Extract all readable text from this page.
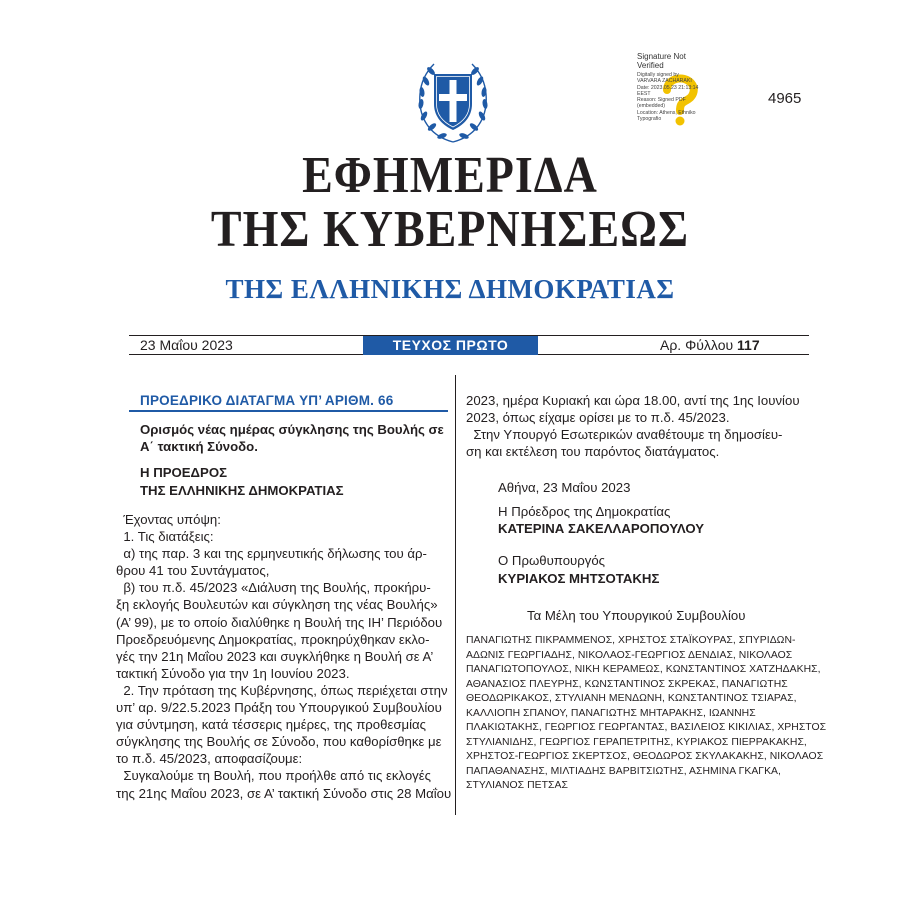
Signature Not Verified
Digitally signed by
VARVARA ZACHARAKI
Date: 2023.05.23 21:13:14
EEST
Reason: Signed PDF
(embedded)
Location: Athens, Ethniko
Typografio
4965
ΕΦΗΜΕΡΙΔΑ
ΤΗΣ ΚΥΒΕΡΝΗΣΕΩΣ
ΤΗΣ ΕΛΛΗΝΙΚΗΣ ΔΗΜΟΚΡΑΤΙΑΣ
23 Μαΐου 2023	ΤΕΥΧΟΣ ΠΡΩΤΟ	Αρ. Φύλλου 117
ΠΡΟΕΔΡΙΚΟ ΔΙΑΤΑΓΜΑ ΥΠ’ ΑΡΙΘΜ. 66
Ορισμός νέας ημέρας σύγκλησης της Βουλής σε
Α΄ τακτική Σύνοδο.
Η ΠΡΟΕΔΡΟΣ
ΤΗΣ ΕΛΛΗΝΙΚΗΣ ΔΗΜΟΚΡΑΤΙΑΣ
Έχοντας υπόψη:
1. Τις διατάξεις:
α) της παρ. 3 και της ερμηνευτικής δήλωσης του άρ-
θρου 41 του Συντάγματος,
β) του π.δ. 45/2023 «Διάλυση της Βουλής, προκήρυ-
ξη εκλογής Βουλευτών και σύγκληση της νέας Βουλής»
(Α’ 99), με το οποίο διαλύθηκε η Βουλή της ΙΗ’ Περιόδου
Προεδρευόμενης Δημοκρατίας, προκηρύχθηκαν εκλο-
γές την 21η Μαΐου 2023 και συγκλήθηκε η Βουλή σε Α’
τακτική Σύνοδο για την 1η Ιουνίου 2023.
2. Την πρόταση της Κυβέρνησης, όπως περιέχεται στην
υπ’ αρ. 9/22.5.2023 Πράξη του Υπουργικού Συμβουλίου
για σύντμηση, κατά τέσσερις ημέρες, της προθεσμίας
σύγκλησης της Βουλής σε Σύνοδο, που καθορίσθηκε με
το π.δ. 45/2023, αποφασίζουμε:
Συγκαλούμε τη Βουλή, που προήλθε από τις εκλογές
της 21ης Μαΐου 2023, σε Α’ τακτική Σύνοδο στις 28 Μαΐου
2023, ημέρα Κυριακή και ώρα 18.00, αντί της 1ης Ιουνίου
2023, όπως είχαμε ορίσει με το π.δ. 45/2023.
Στην Υπουργό Εσωτερικών αναθέτουμε τη δημοσίευ-
ση και εκτέλεση του παρόντος διατάγματος.
Αθήνα, 23 Μαΐου 2023
Η Πρόεδρος της Δημοκρατίας
ΚΑΤΕΡΙΝΑ ΣΑΚΕΛΛΑΡΟΠΟΥΛΟΥ
Ο Πρωθυπουργός
ΚΥΡΙΑΚΟΣ ΜΗΤΣΟΤΑΚΗΣ
Τα Μέλη του Υπουργικού Συμβουλίου
ΠΑΝΑΓΙΩΤΗΣ ΠΙΚΡΑΜΜΕΝΟΣ, ΧΡΗΣΤΟΣ ΣΤΑΪΚΟΥΡΑΣ, ΣΠΥΡΙΔΩΝ-
ΑΔΩΝΙΣ ΓΕΩΡΓΙΑΔΗΣ, ΝΙΚΟΛΑΟΣ-ΓΕΩΡΓΙΟΣ ΔΕΝΔΙΑΣ, ΝΙΚΟΛΑΟΣ
ΠΑΝΑΓΙΩΤΟΠΟΥΛΟΣ, ΝΙΚΗ ΚΕΡΑΜΕΩΣ, ΚΩΝΣΤΑΝΤΙΝΟΣ ΧΑΤΖΗΔΑΚΗΣ,
ΑΘΑΝΑΣΙΟΣ ΠΛΕΥΡΗΣ, ΚΩΝΣΤΑΝΤΙΝΟΣ ΣΚΡΕΚΑΣ, ΠΑΝΑΓΙΩΤΗΣ
ΘΕΟΔΩΡΙΚΑΚΟΣ, ΣΤΥΛΙΑΝΗ ΜΕΝΔΩΝΗ, ΚΩΝΣΤΑΝΤΙΝΟΣ ΤΣΙΑΡΑΣ,
ΚΑΛΛΙΟΠΗ ΣΠΑΝΟΥ, ΠΑΝΑΓΙΩΤΗΣ ΜΗΤΑΡΑΚΗΣ, ΙΩΑΝΝΗΣ
ΠΛΑΚΙΩΤΑΚΗΣ, ΓΕΩΡΓΙΟΣ ΓΕΩΡΓΑΝΤΑΣ, ΒΑΣΙΛΕΙΟΣ ΚΙΚΙΛΙΑΣ, ΧΡΗΣΤΟΣ
ΣΤΥΛΙΑΝΙΔΗΣ, ΓΕΩΡΓΙΟΣ ΓΕΡΑΠΕΤΡΙΤΗΣ, ΚΥΡΙΑΚΟΣ ΠΙΕΡΡΑΚΑΚΗΣ,
ΧΡΗΣΤΟΣ-ΓΕΩΡΓΙΟΣ ΣΚΕΡΤΣΟΣ, ΘΕΟΔΩΡΟΣ ΣΚΥΛΑΚΑΚΗΣ, ΝΙΚΟΛΑΟΣ
ΠΑΠΑΘΑΝΑΣΗΣ, ΜΙΛΤΙΑΔΗΣ ΒΑΡΒΙΤΣΙΩΤΗΣ, ΑΣΗΜΙΝΑ ΓΚΑΓΚΑ,
ΣΤΥΛΙΑΝΟΣ ΠΕΤΣΑΣ
